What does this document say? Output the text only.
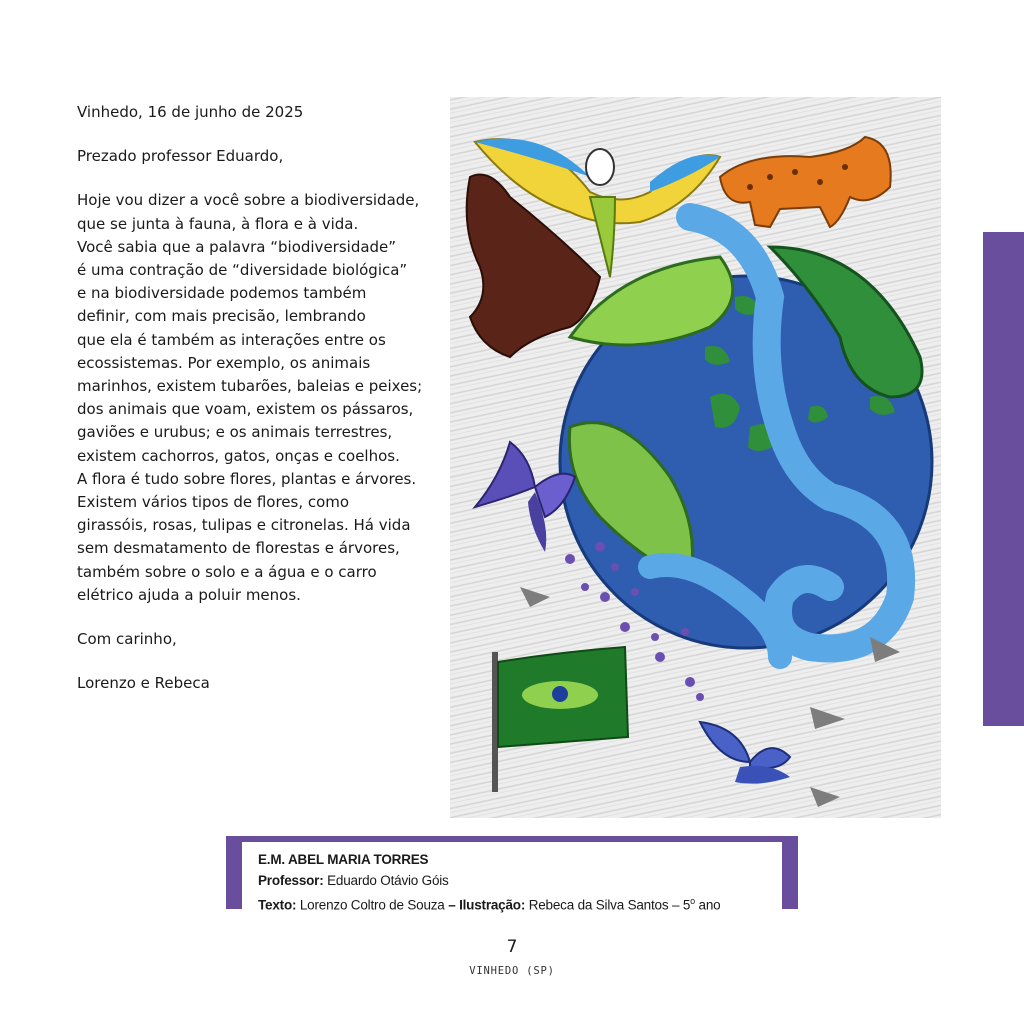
Vinhedo, 16 de junho de 2025

Prezado professor Eduardo,

Hoje vou dizer a você sobre a biodiversidade,

que se junta à fauna, à flora e à vida.

Você sabia que a palavra “biodiversidade”

é uma contração de “diversidade biológica”

e na biodiversidade podemos também

definir, com mais precisão, lembrando

que ela é também as interações entre os

ecossistemas. Por exemplo, os animais

marinhos, existem tubarões, baleias e peixes;

dos animais que voam, existem os pássaros,

gaviões e urubus; e os animais terrestres,

existem cachorros, gatos, onças e coelhos.

A flora é tudo sobre flores, plantas e árvores.

Existem vários tipos de flores, como

girassóis, rosas, tulipas e citronelas. Há vida

sem desmatamento de florestas e árvores,

também sobre o solo e a água e o carro

elétrico ajuda a poluir menos.

Com carinho,

Lorenzo e Rebeca

E.M. ABEL MARIA TORRES
Professor: Eduardo Otávio Góis
Texto: Lorenzo Coltro de Souza – Ilustração: Rebeca da Silva Santos – 5$^o$ ano
7
VINHEDO (SP)
